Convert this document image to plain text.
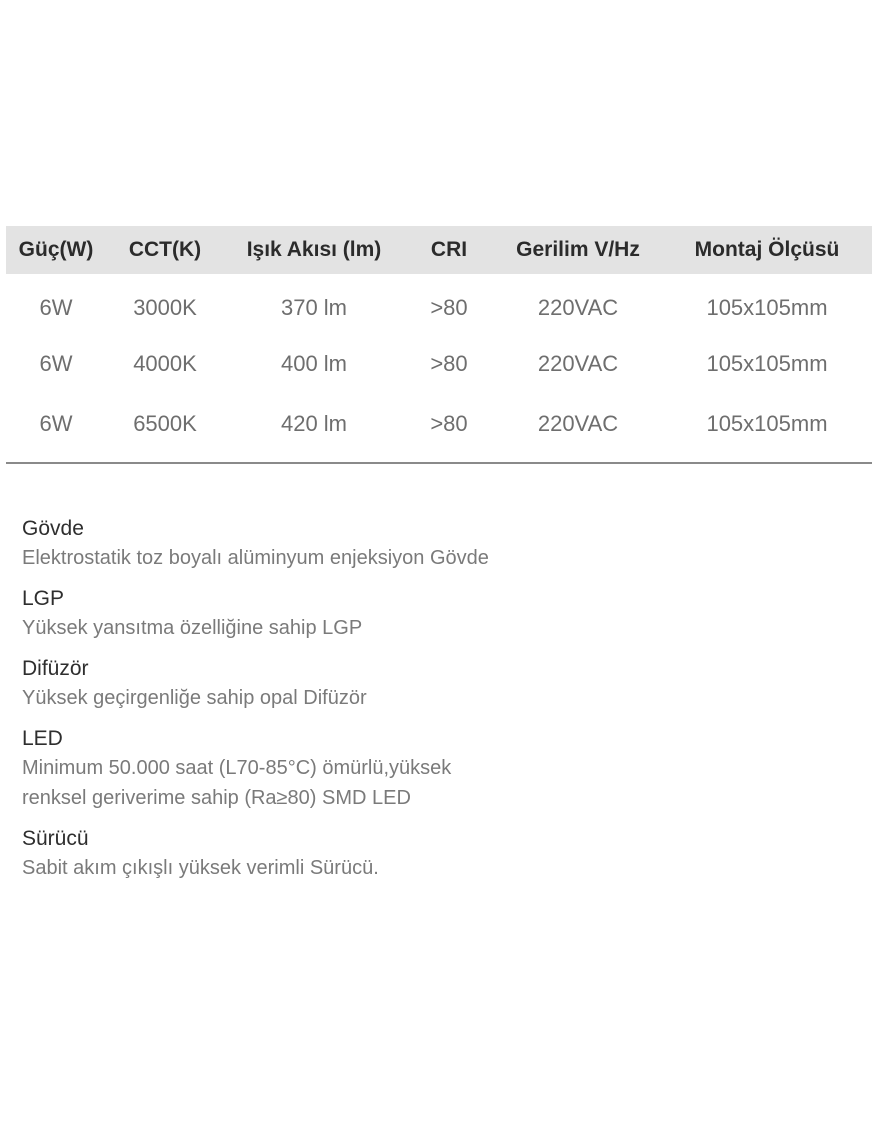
Güç(W)	CCT(K)	Işık Akısı (lm)	CRI	Gerilim V/Hz	Montaj Ölçüsü
6W	3000K	370 lm	>80	220VAC	105x105mm
6W	4000K	400 lm	>80	220VAC	105x105mm
6W	6500K	420 lm	>80	220VAC	105x105mm
Gövde
Elektrostatik toz boyalı alüminyum enjeksiyon Gövde
LGP
Yüksek yansıtma özelliğine sahip LGP
Difüzör
Yüksek geçirgenliğe sahip opal Difüzör
LED
Minimum 50.000 saat (L70-85°C) ömürlü,yüksek
renksel geriverime sahip (Ra≥80) SMD LED
Sürücü
Sabit akım çıkışlı yüksek verimli Sürücü.
